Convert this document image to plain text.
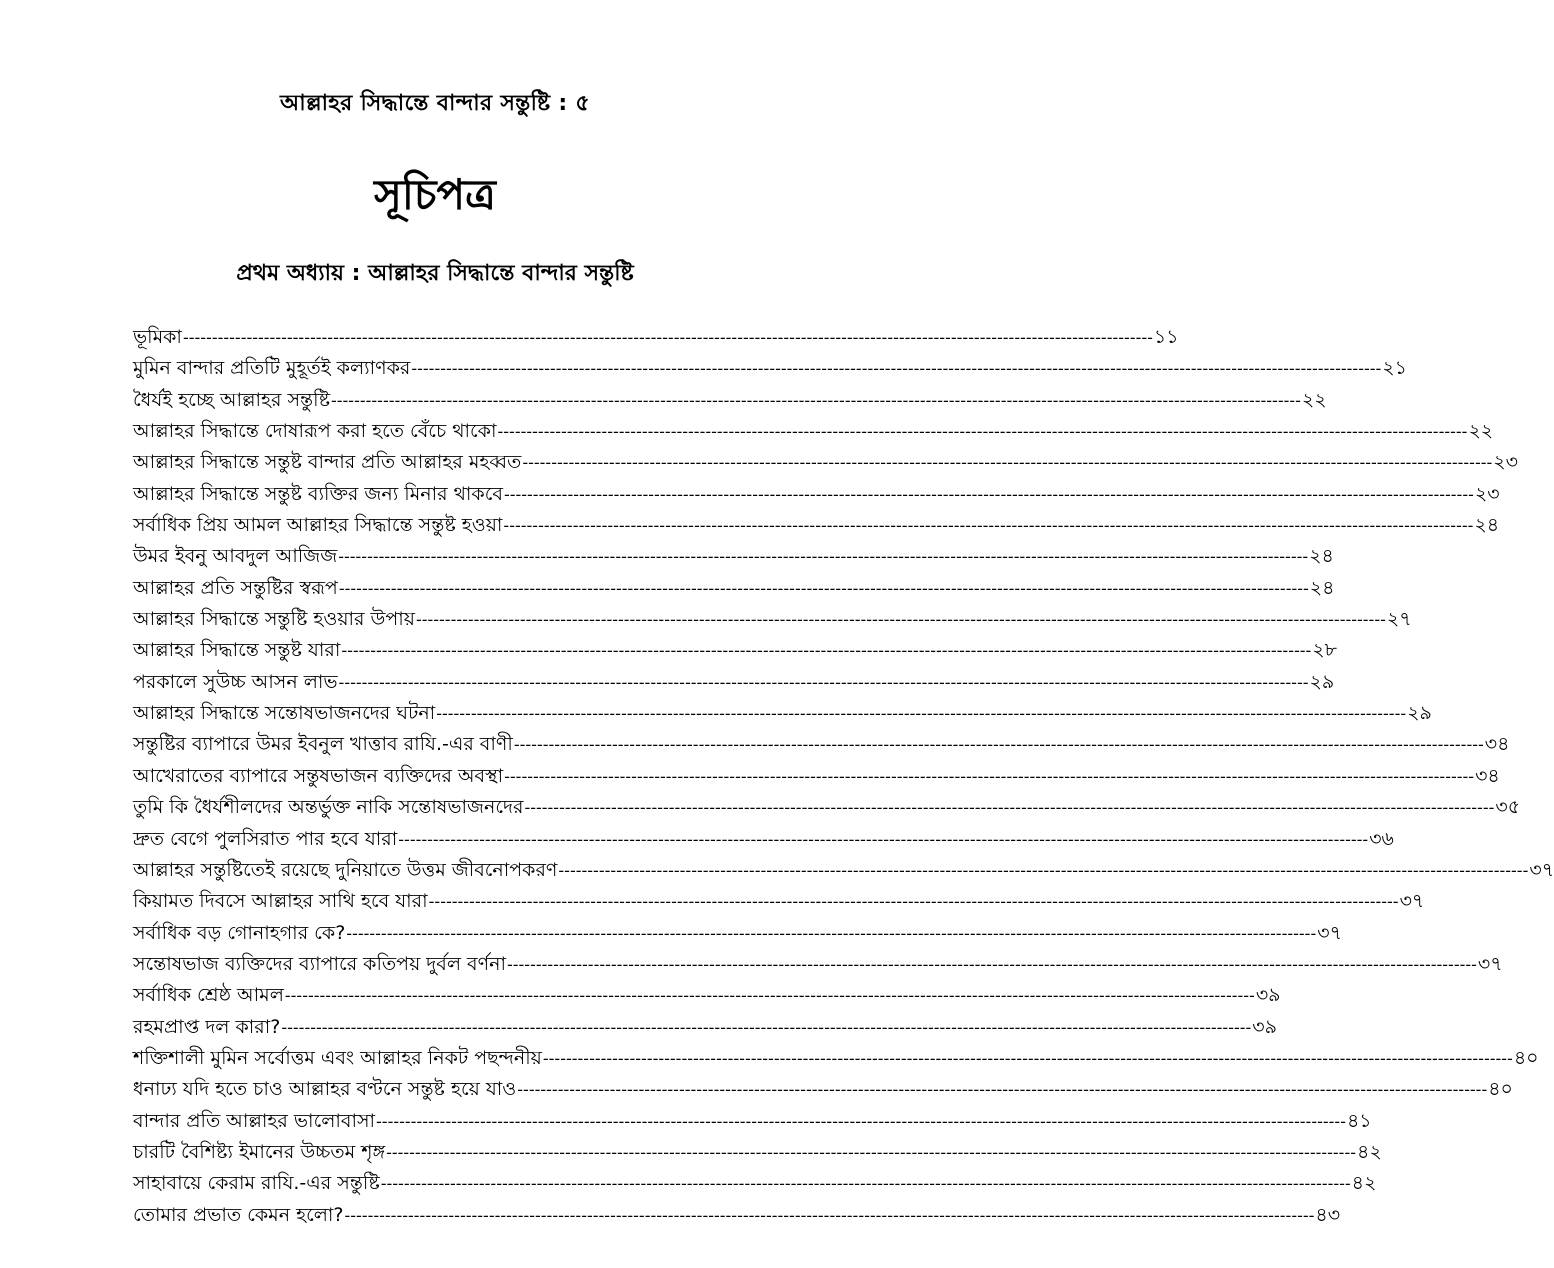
আল্লাহর সিদ্ধান্তে বান্দার সন্তুষ্টি : ৫
সূচিপত্র
প্রথম অধ্যায় : আল্লাহর সিদ্ধান্তে বান্দার সন্তুষ্টি
ভূমিকা -----	১১
মুমিন বান্দার প্রতিটি মুহূর্তই কল্যাণকর -----	২১
ধৈর্যই হচ্ছে আল্লাহর সন্তুষ্টি -----	২২
আল্লাহর সিদ্ধান্তে দোষারূপ করা হতে বেঁচে থাকো -----	২২
আল্লাহর সিদ্ধান্তে সন্তুষ্ট বান্দার প্রতি আল্লাহর মহব্বত -----	২৩
আল্লাহর সিদ্ধান্তে সন্তুষ্ট ব্যক্তির জন্য মিনার থাকবে -----	২৩
সর্বাধিক প্রিয় আমল আল্লাহর সিদ্ধান্তে সন্তুষ্ট হওয়া -----	২৪
উমর ইবনু আবদুল আজিজ -----	২৪
আল্লাহর প্রতি সন্তুষ্টির স্বরূপ -----	২৪
আল্লাহর সিদ্ধান্তে সন্তুষ্টি হওয়ার উপায় -----	২৭
আল্লাহর সিদ্ধান্তে সন্তুষ্ট যারা -----	২৮
পরকালে সুউচ্চ আসন লাভ -----	২৯
আল্লাহর সিদ্ধান্তে সন্তোষভাজনদের ঘটনা -----	২৯
সন্তুষ্টির ব্যাপারে উমর ইবনুল খাত্তাব রাযি.-এর বাণী -----	৩৪
আখেরাতের ব্যাপারে সন্তুষভাজন ব্যক্তিদের অবস্থা -----	৩৪
তুমি কি ধৈর্যশীলদের অন্তর্ভুক্ত নাকি সন্তোষভাজনদের -----	৩৫
দ্রুত বেগে পুলসিরাত পার হবে যারা -----	৩৬
আল্লাহর সন্তুষ্টিতেই রয়েছে দুনিয়াতে উত্তম জীবনোপকরণ -----	৩৭
কিয়ামত দিবসে আল্লাহর সাথি হবে যারা -----	৩৭
সর্বাধিক বড় গোনাহগার কে? -----	৩৭
সন্তোষভাজ ব্যক্তিদের ব্যাপারে কতিপয় দুর্বল বর্ণনা -----	৩৭
সর্বাধিক শ্রেষ্ঠ আমল -----	৩৯
রহমপ্রাপ্ত দল কারা? -----	৩৯
শক্তিশালী মুমিন সর্বোত্তম এবং আল্লাহর নিকট পছন্দনীয় -----	৪০
ধনাঢ্য যদি হতে চাও আল্লাহর বণ্টনে সন্তুষ্ট হয়ে যাও -----	৪০
বান্দার প্রতি আল্লাহর ভালোবাসা -----	৪১
চারটি বৈশিষ্ট্য ইমানের উচ্চতম শৃঙ্গ -----	৪২
সাহাবায়ে কেরাম রাযি.-এর সন্তুষ্টি -----	৪২
তোমার প্রভাত কেমন হলো? -----	৪৩
